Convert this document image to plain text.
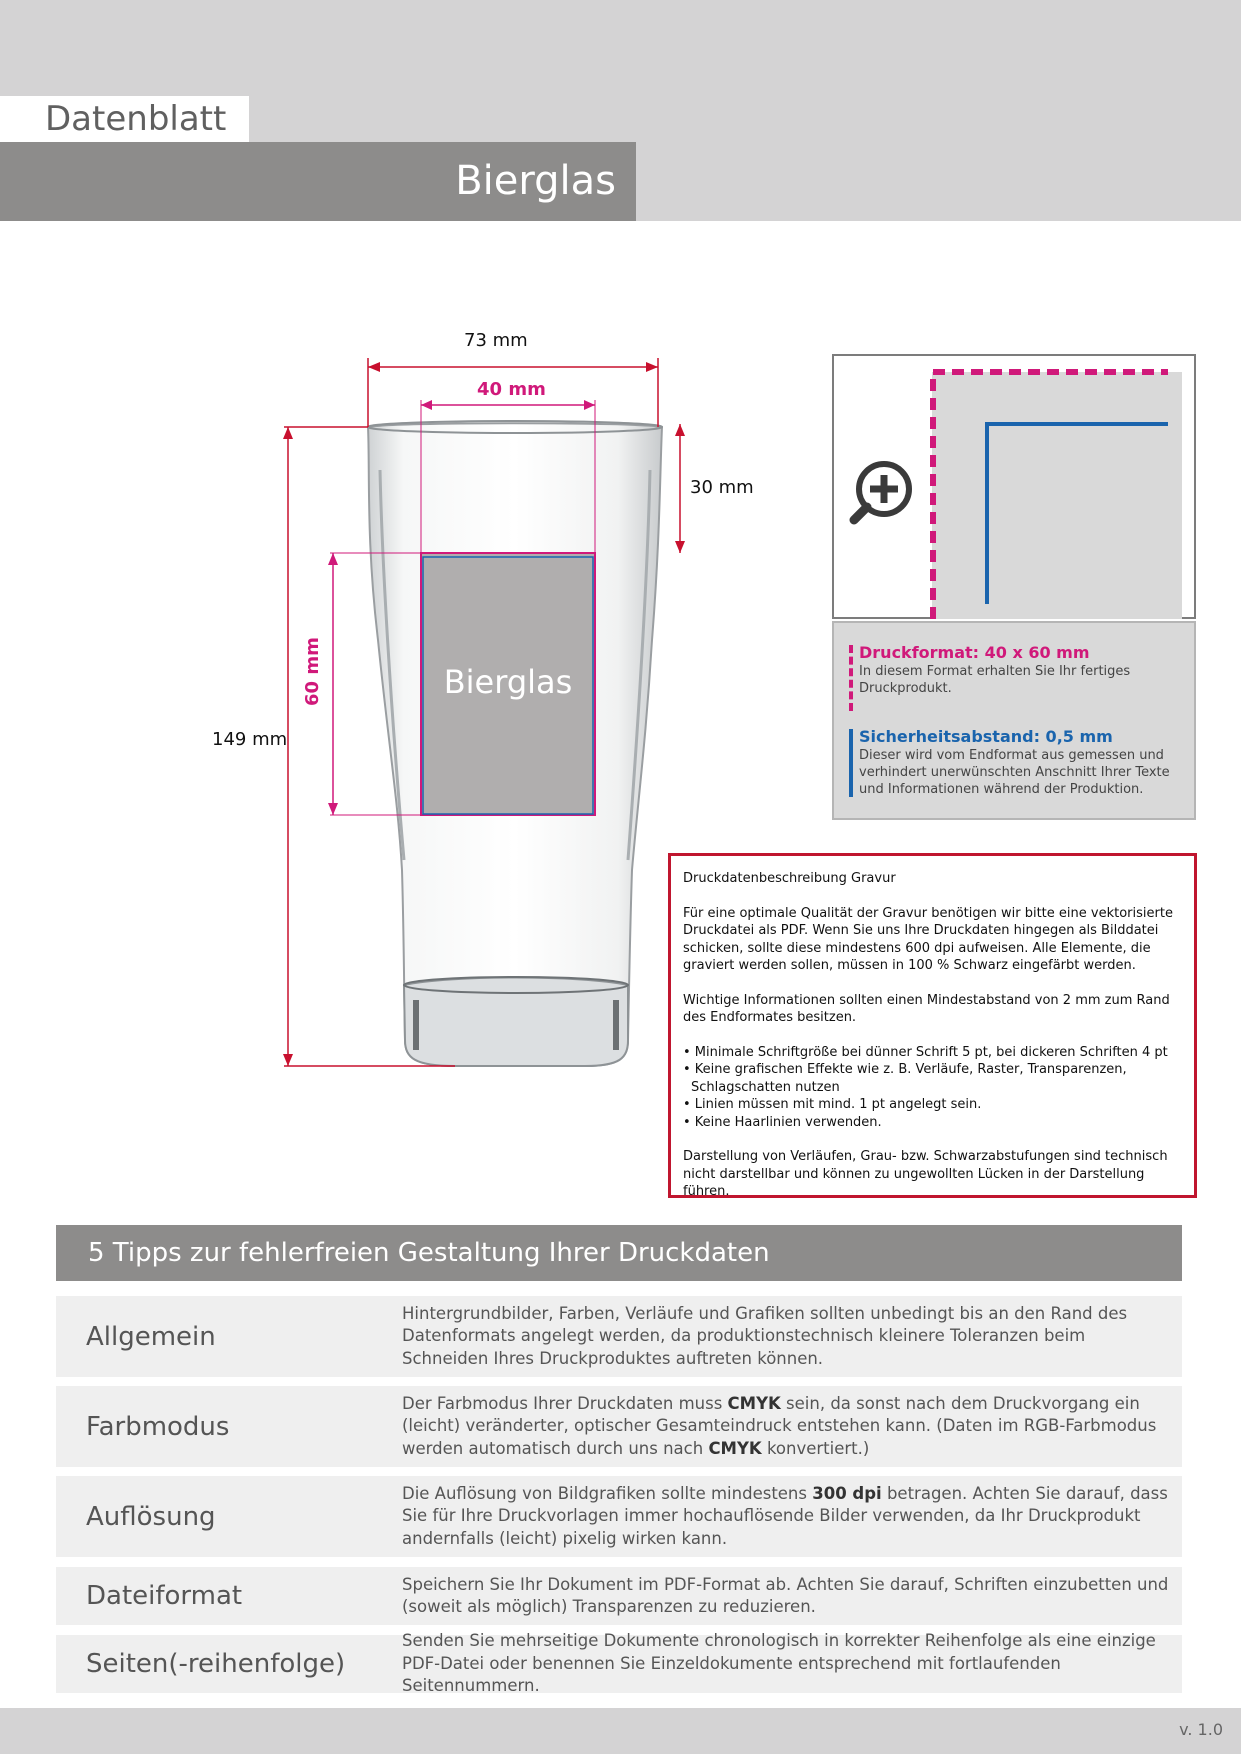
Datenblatt
Bierglas
73 mm
40 mm
30 mm
60 mm
149 mm
Bierglas
Druckformat: 40 x 60 mm
In diesem Format erhalten Sie Ihr fertiges Druckprodukt.
Sicherheitsabstand: 0,5 mm
Dieser wird vom Endformat aus gemessen und verhindert unerwünschten Anschnitt Ihrer Texte und Informationen während der Produktion.

Druckdatenbeschreibung Gravur

Für eine optimale Qualität der Gravur benötigen wir bitte eine vektorisierte Druckdatei als PDF. Wenn Sie uns Ihre Druckdaten hingegen als Bilddatei schicken, sollte diese mindestens 600 dpi aufweisen. Alle Elemente, die graviert werden sollen, müssen in 100 % Schwarz eingefärbt werden.

Wichtige Informationen sollten einen Mindestabstand von 2 mm zum Rand des Endformates besitzen.

• Minimale Schriftgröße bei dünner Schrift 5 pt, bei dickeren Schriften 4 pt
• Keine grafischen Effekte wie z. B. Verläufe, Raster, Transparenzen, Schlagschatten nutzen
• Linien müssen mit mind. 1 pt angelegt sein.
• Keine Haarlinien verwenden.

Darstellung von Verläufen, Grau- bzw. Schwarzabstufungen sind technisch nicht darstellbar und können zu ungewollten Lücken in der Darstellung führen.

5 Tipps zur fehlerfreien Gestaltung Ihrer Druckdaten
Allgemein
Hintergrundbilder, Farben, Verläufe und Grafiken sollten unbedingt bis an den Rand des Datenformats angelegt werden, da produktionstechnisch kleinere Toleranzen beim Schneiden Ihres Druckproduktes auftreten können.
Farbmodus
Der Farbmodus Ihrer Druckdaten muss CMYK sein, da sonst nach dem Druckvorgang ein (leicht) veränderter, optischer Gesamteindruck entstehen kann. (Daten im RGB-Farbmodus werden automatisch durch uns nach CMYK konvertiert.)
Auflösung
Die Auflösung von Bildgrafiken sollte mindestens 300 dpi betragen. Achten Sie darauf, dass Sie für Ihre Druckvorlagen immer hochauflösende Bilder verwenden, da Ihr Druckprodukt andernfalls (leicht) pixelig wirken kann.
Dateiformat	Speichern Sie Ihr Dokument im PDF-Format ab. Achten Sie darauf, Schriften einzubetten und (soweit als möglich) Transparenzen zu reduzieren.
Seiten(-reihenfolge)
Senden Sie mehrseitige Dokumente chronologisch in korrekter Reihenfolge als eine einzige PDF-Datei oder benennen Sie Einzeldokumente entsprechend mit fortlaufenden Seitennummern.
v. 1.0
